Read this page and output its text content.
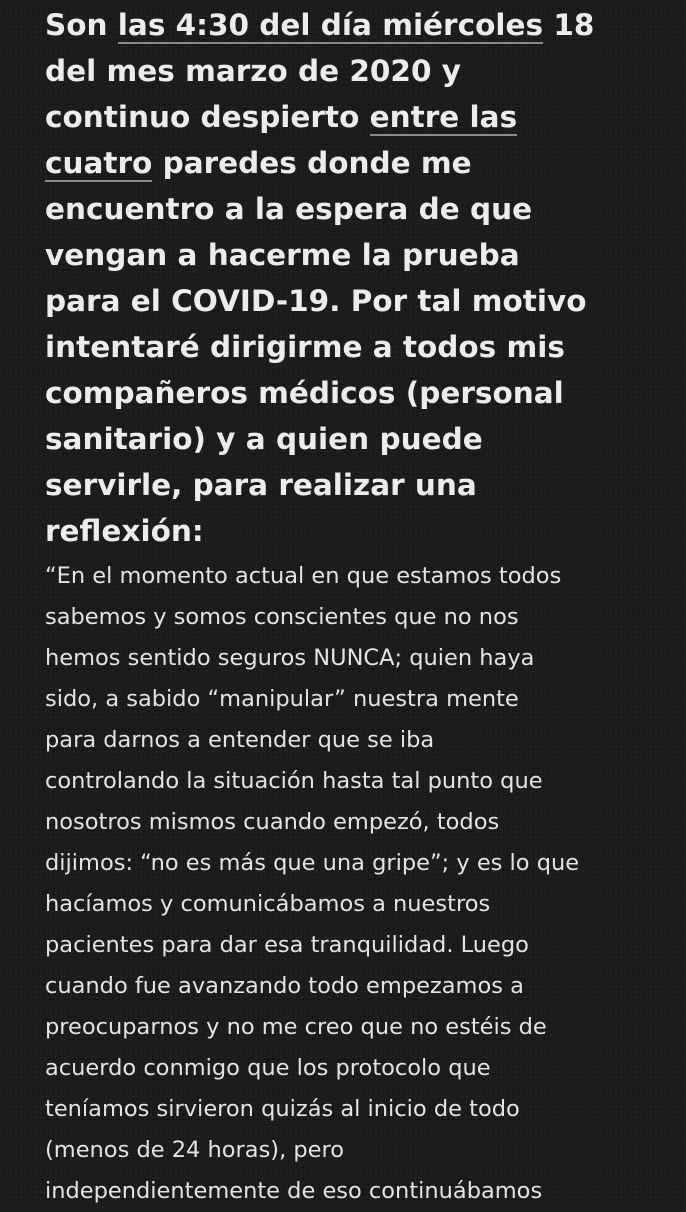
Son las 4:30 del día miércoles 18
del mes marzo de 2020 y
continuo despierto entre las
cuatro paredes donde me
encuentro a la espera de que
vengan a hacerme la prueba
para el COVID-19. Por tal motivo
intentaré dirigirme a todos mis
compañeros médicos (personal
sanitario) y a quien puede
servirle, para realizar una
reflexión:

“En el momento actual en que estamos todos
sabemos y somos conscientes que no nos
hemos sentido seguros NUNCA; quien haya
sido, a sabido “manipular” nuestra mente
para darnos a entender que se iba
controlando la situación hasta tal punto que
nosotros mismos cuando empezó, todos
dijimos: “no es más que una gripe”; y es lo que
hacíamos y comunicábamos a nuestros
pacientes para dar esa tranquilidad. Luego
cuando fue avanzando todo empezamos a
preocuparnos y no me creo que no estéis de
acuerdo conmigo que los protocolo que
teníamos sirvieron quizás al inicio de todo
(menos de 24 horas), pero
independientemente de eso continuábamos
